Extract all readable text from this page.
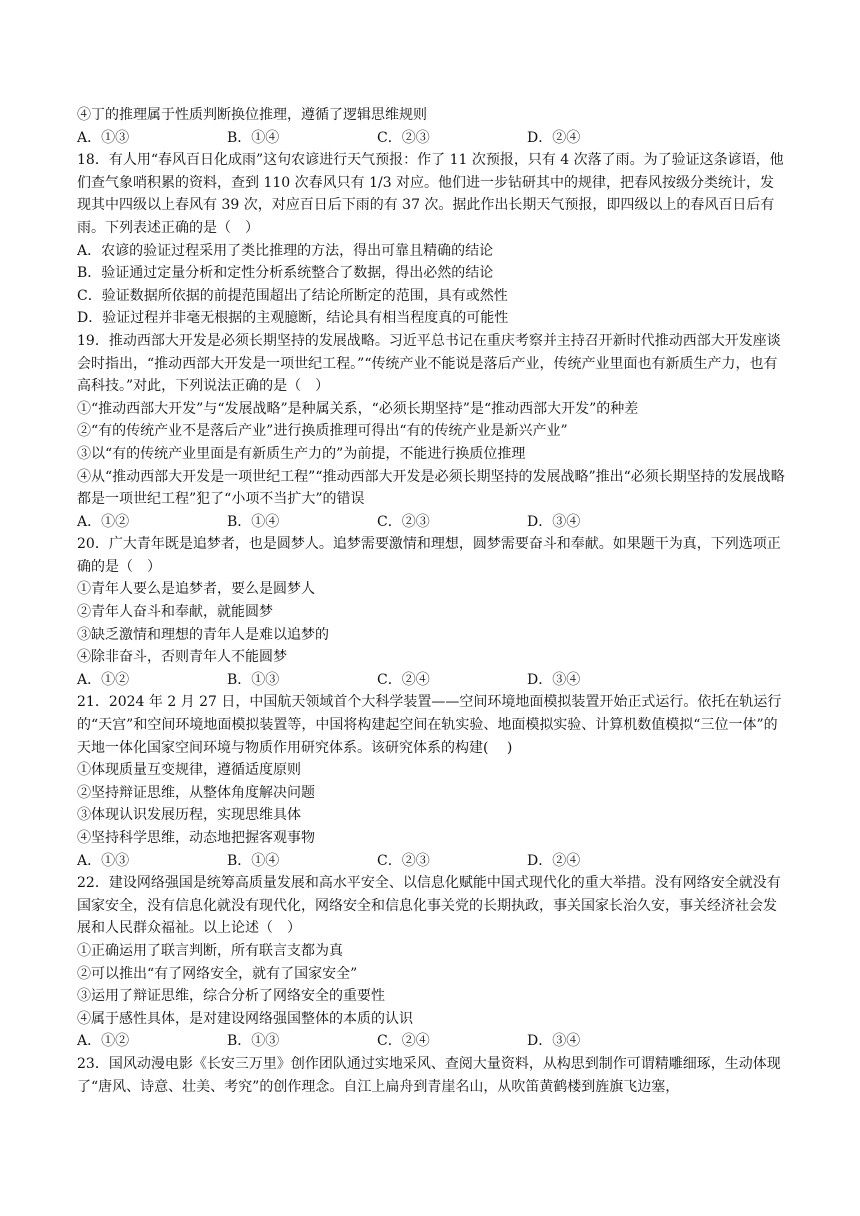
④丁的推理属于性质判断换位推理，遵循了逻辑思维规则
A．①③	B．①④	C．②③	D．②④
18．有人用“春风百日化成雨”这句农谚进行天气预报：作了 11 次预报，只有 4 次落了雨。为了验证这条谚语，他们查气象哨积累的资料，查到 110 次春风只有 1/3 对应。他们进一步钻研其中的规律，把春风按级分类统计，发现其中四级以上春风有 39 次，对应百日后下雨的有 37 次。据此作出长期天气预报，即四级以上的春风百日后有雨。下列表述正确的是（　）
A．农谚的验证过程采用了类比推理的方法，得出可靠且精确的结论
B．验证通过定量分析和定性分析系统整合了数据，得出必然的结论
C．验证数据所依据的前提范围超出了结论所断定的范围，具有或然性
D．验证过程并非毫无根据的主观臆断，结论具有相当程度真的可能性
19．推动西部大开发是必须长期坚持的发展战略。习近平总书记在重庆考察并主持召开新时代推动西部大开发座谈会时指出，“推动西部大开发是一项世纪工程。”“传统产业不能说是落后产业，传统产业里面也有新质生产力，也有高科技。”对此，下列说法正确的是（　）
①“推动西部大开发”与“发展战略”是种属关系，“必须长期坚持”是“推动西部大开发”的种差
②“有的传统产业不是落后产业”进行换质推理可得出“有的传统产业是新兴产业”
③以“有的传统产业里面是有新质生产力的”为前提，不能进行换质位推理
④从“推动西部大开发是一项世纪工程”“推动西部大开发是必须长期坚持的发展战略”推出“必须长期坚持的发展战略都是一项世纪工程”犯了“小项不当扩大”的错误
A．①②	B．①④	C．②③	D．③④
20．广大青年既是追梦者，也是圆梦人。追梦需要激情和理想，圆梦需要奋斗和奉献。如果题干为真，下列选项正确的是（　）
①青年人要么是追梦者，要么是圆梦人
②青年人奋斗和奉献，就能圆梦
③缺乏激情和理想的青年人是难以追梦的
④除非奋斗，否则青年人不能圆梦
A．①②	B．①③	C．②④	D．③④
21．2024 年 2 月 27 日，中国航天领域首个大科学装置——空间环境地面模拟装置开始正式运行。依托在轨运行的“天宫”和空间环境地面模拟装置等，中国将构建起空间在轨实验、地面模拟实验、计算机数值模拟“三位一体”的天地一体化国家空间环境与物质作用研究体系。该研究体系的构建(　 )
①体现质量互变规律，遵循适度原则
②坚持辩证思维，从整体角度解决问题
③体现认识发展历程，实现思维具体
④坚持科学思维，动态地把握客观事物
A．①③	B．①④	C．②③	D．②④
22．建设网络强国是统筹高质量发展和高水平安全、以信息化赋能中国式现代化的重大举措。没有网络安全就没有国家安全，没有信息化就没有现代化，网络安全和信息化事关党的长期执政，事关国家长治久安，事关经济社会发展和人民群众福祉。以上论述（　）
①正确运用了联言判断，所有联言支都为真
②可以推出“有了网络安全，就有了国家安全”
③运用了辩证思维，综合分析了网络安全的重要性
④属于感性具体，是对建设网络强国整体的本质的认识
A．①②	B．①③	C．②④	D．③④
23．国风动漫电影《长安三万里》创作团队通过实地采风、查阅大量资料，从构思到制作可谓精雕细琢，生动体现了“唐风、诗意、壮美、考究”的创作理念。自江上扁舟到青崖名山，从吹笛黄鹤楼到旌旗飞边塞，
